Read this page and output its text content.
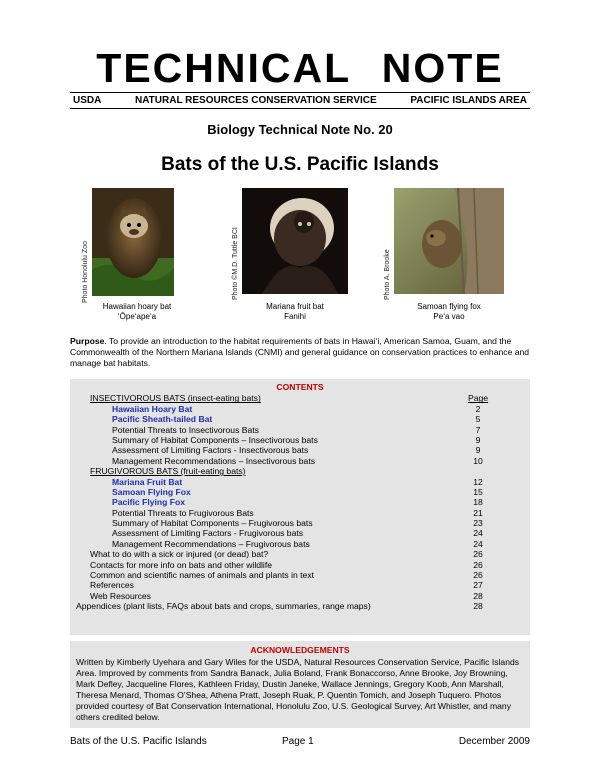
TECHNICAL NOTE
USDA	NATURAL RESOURCES CONSERVATION SERVICE	PACIFIC ISLANDS AREA
Biology Technical Note No. 20
Bats of the U.S. Pacific Islands
Photo Honolulu Zoo
Hawaiian hoary bat
‘Ōpe‘ape‘a
Photo ©M.D. Tuttle BCI
Mariana fruit bat
Fanihi
Photo A. Brooke
Samoan flying fox
Pe‘a vao
Purpose. To provide an introduction to the habitat requirements of bats in Hawai‘i, American Samoa, Guam, and the Commonwealth of the Northern Mariana Islands (CNMI) and general guidance on conservation practices to enhance and manage bat habitats.
CONTENTS
INSECTIVOROUS BATS (insect-eating bats)	Page
Hawaiian Hoary Bat	2
Pacific Sheath-tailed Bat	5
Potential Threats to Insectivorous Bats	7
Summary of Habitat Components – Insectivorous bats	9
Assessment of Limiting Factors - Insectivorous bats	9
Management Recommendations – Insectivorous bats	10
FRUGIVOROUS BATS (fruit-eating bats)
Mariana Fruit Bat	12
Samoan Flying Fox	15
Pacific Flying Fox	18
Potential Threats to Frugivorous Bats	21
Summary of Habitat Components – Frugivorous bats	23
Assessment of Limiting Factors - Frugivorous bats	24
Management Recommendations – Frugivorous bats	24
What to do with a sick or injured (or dead) bat?	26
Contacts for more info on bats and other wildlife	26
Common and scientific names of animals and plants in text	26
References	27
Web Resources	28
Appendices (plant lists, FAQs about bats and crops, summaries, range maps)	28
ACKNOWLEDGEMENTS
Written by Kimberly Uyehara and Gary Wiles for the USDA, Natural Resources Conservation Service, Pacific Islands Area. Improved by comments from Sandra Banack, Julia Boland, Frank Bonaccorso, Anne Brooke, Joy Browning, Mark Defley, Jacqueline Flores, Kathleen Friday, Dustin Janeke, Wallace Jennings, Gregory Koob, Ann Marshall, Theresa Menard, Thomas O’Shea, Athena Pratt, Joseph Ruak, P. Quentin Tomich, and Joseph Tuquero. Photos provided courtesy of Bat Conservation International, Honolulu Zoo, U.S. Geological Survey, Art Whistler, and many others credited below.
Bats of the U.S. Pacific Islands	Page 1	December 2009
